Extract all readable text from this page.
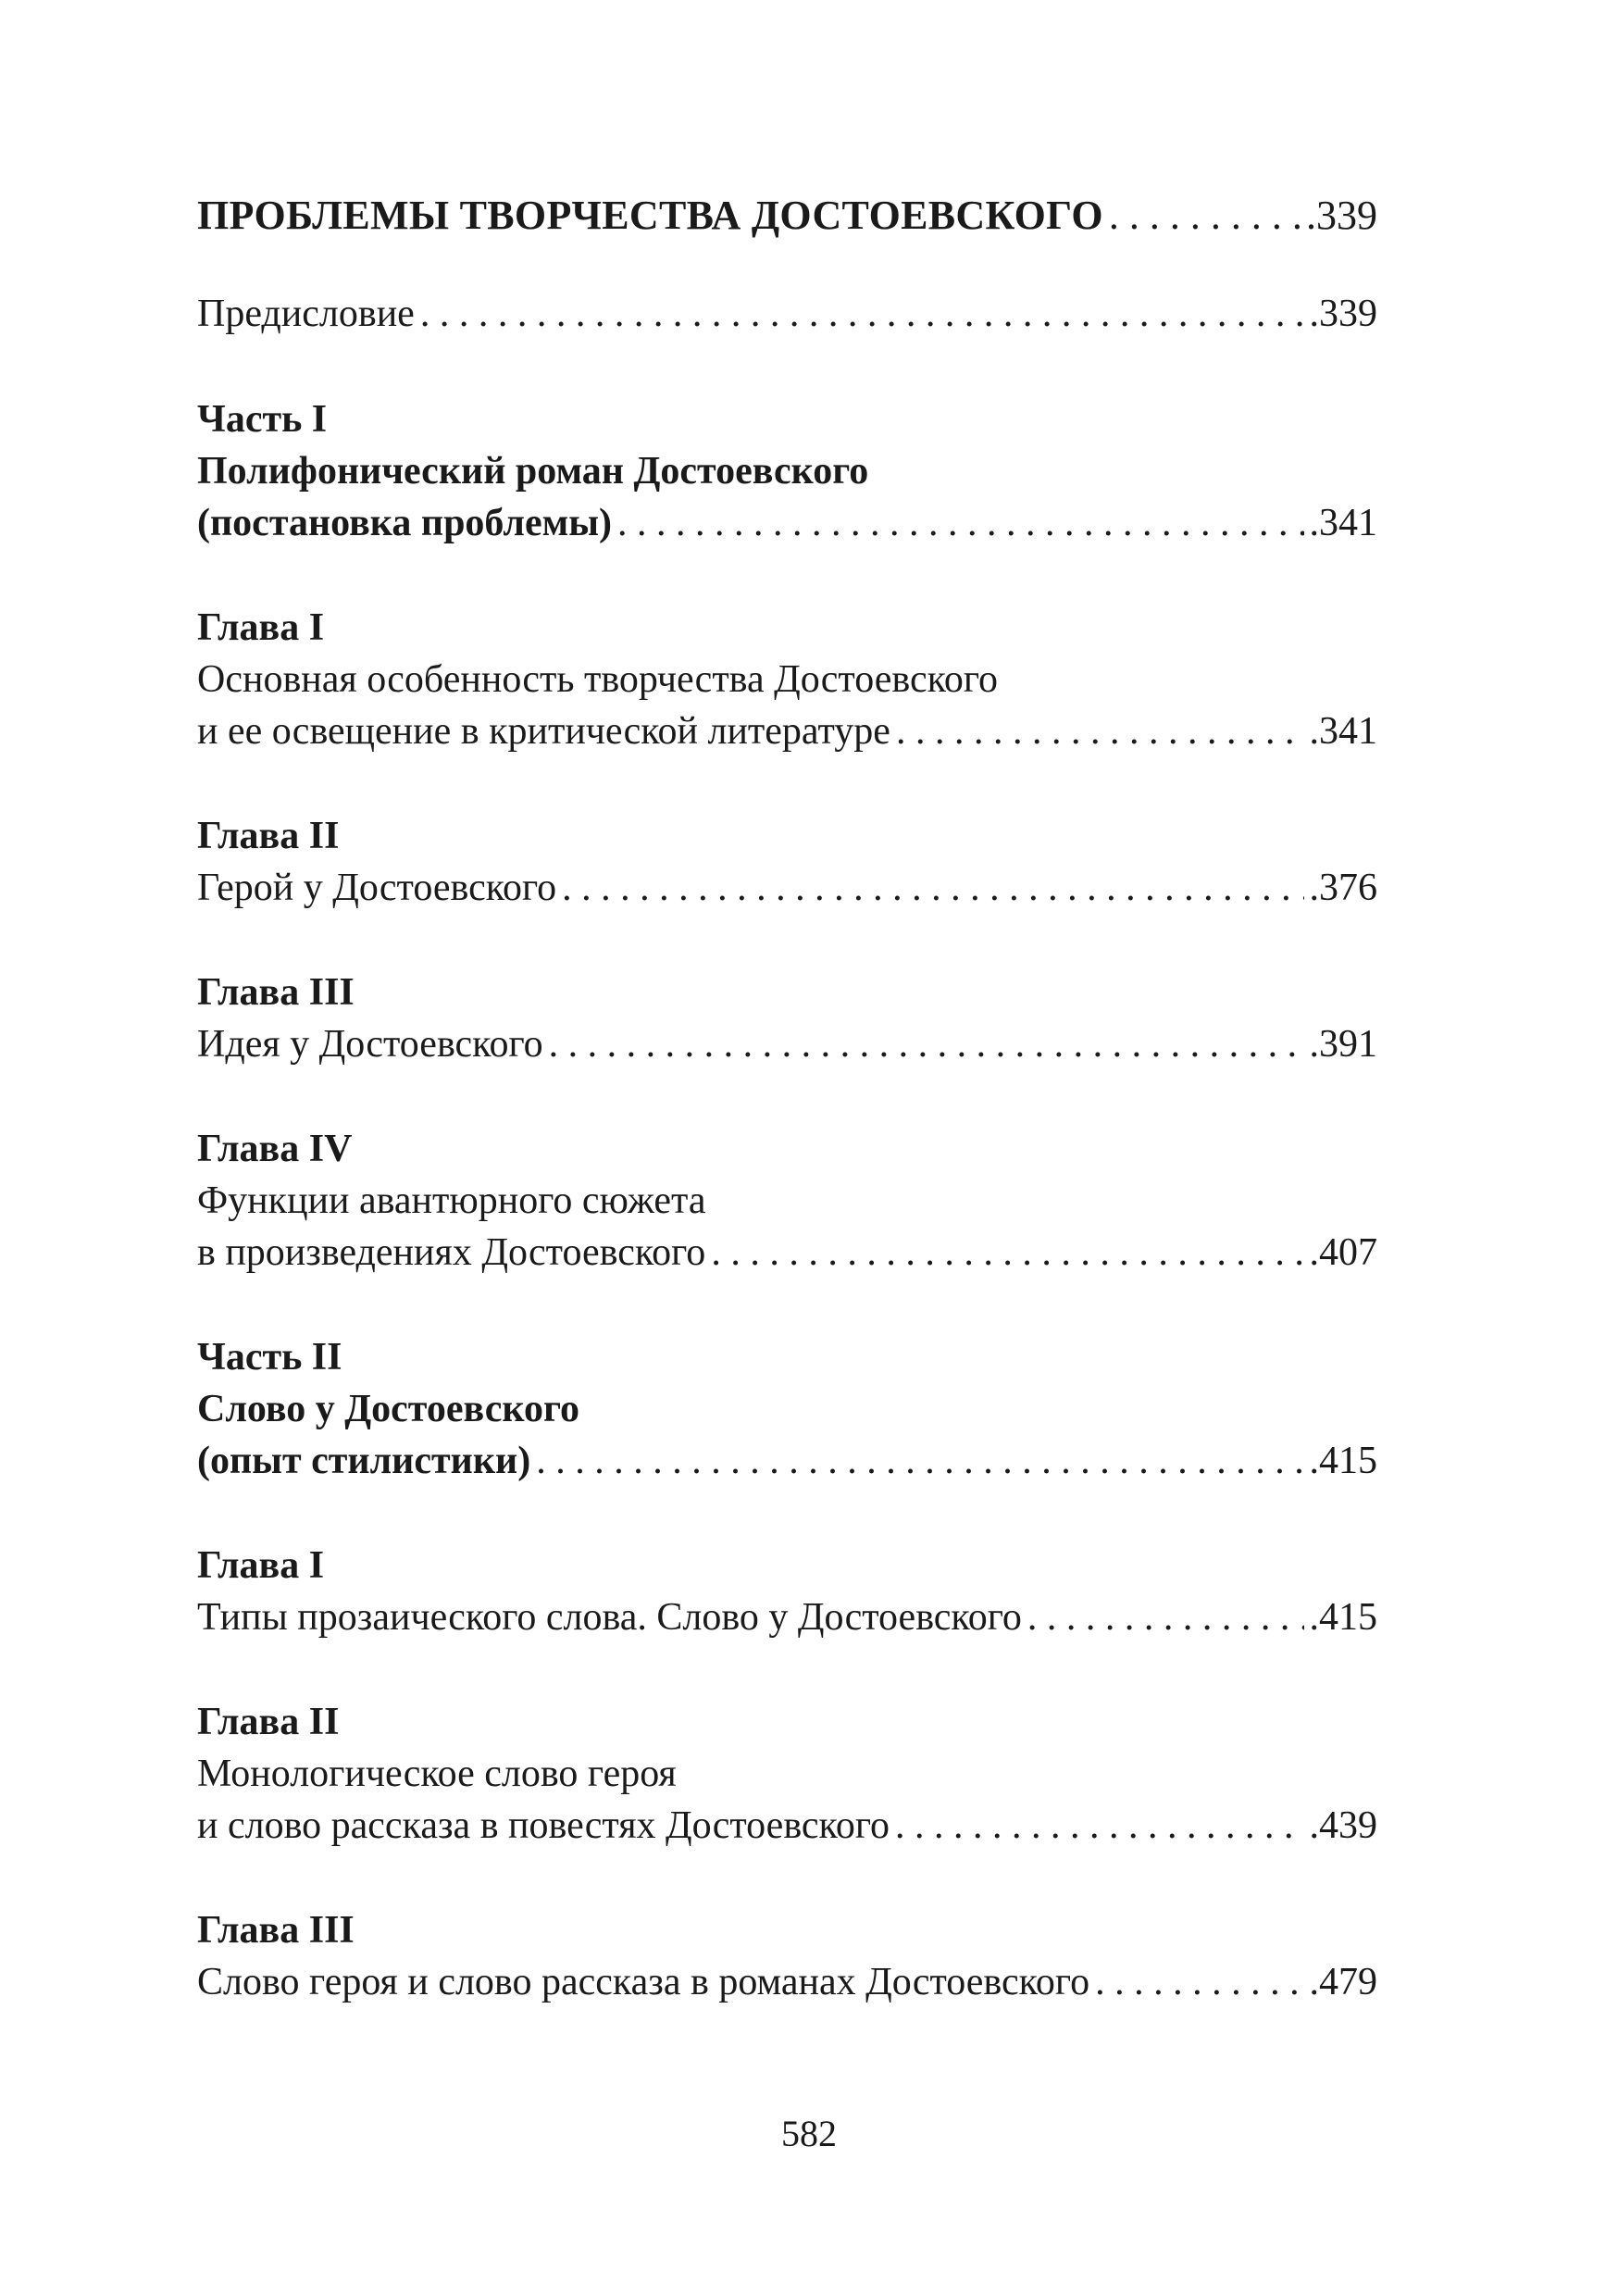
ПРОБЛЕМЫ ТВОРЧЕСТВА ДОСТОЕВСКОГО . . .	.339
Предисловие . . .	.339
Часть I
Полифонический роман Достоевского
(постановка проблемы) . . .	.341
Глава I
Основная особенность творчества Достоевского
и ее освещение в критической литературе . . .	.341
Глава II
Герой у Достоевского . . .	.376
Глава III
Идея у Достоевского . . .	.391
Глава IV
Функции авантюрного сюжета
в произведениях Достоевского . . .	.407
Часть II
Слово у Достоевского
(опыт стилистики) . . .	.415
Глава I
Типы прозаического слова. Слово у Достоевского . . .	.415
Глава II
Монологическое слово героя
и слово рассказа в повестях Достоевского . . .	.439
Глава III
Слово героя и слово рассказа в романах Достоевского . . .	.479
582
